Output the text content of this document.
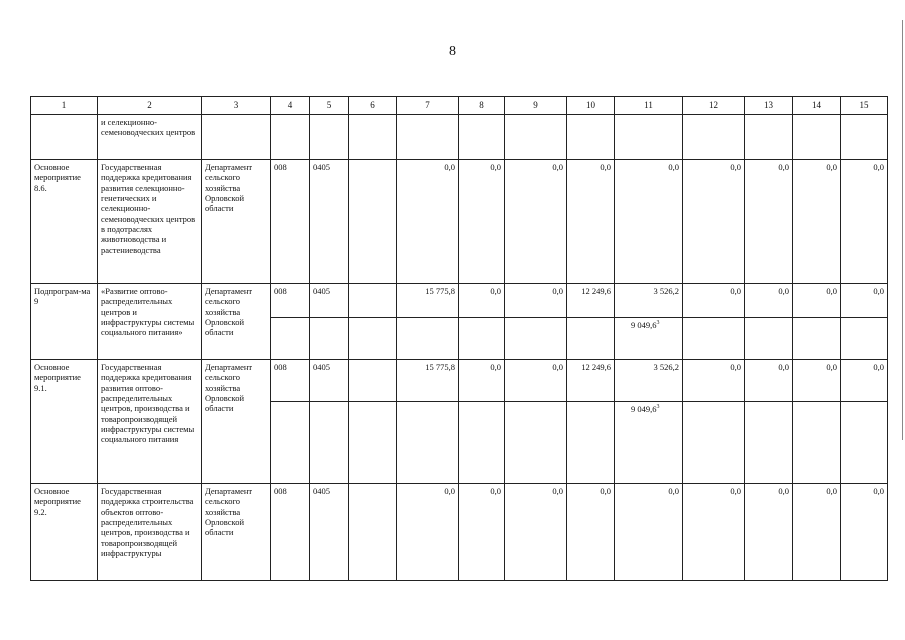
8
1	2	3	4	5	6	7	8	9	10	11	12	13	14	15
	и селекционно-семеноводческих центров													
Основное мероприятие 8.6.	Государственная поддержка кредитования развития селекционно-генетических и селекционно-семеноводческих центров в подотраслях животноводства и растениеводства	Департамент сельского хозяйства Орловской области	008	0405		0,0	0,0	0,0	0,0	0,0	0,0	0,0	0,0	0,0
Подпрограм-ма 9	«Развитие оптово-распределительных центров и инфраструктуры системы социального питания»	Департамент сельского хозяйства Орловской области	008	0405		15 775,8	0,0	0,0	12 249,6	3 526,2	0,0	0,0	0,0	0,0
										9 049,6$^3$				
Основное мероприятие 9.1.	Государственная поддержка кредитования развития оптово-распределительных центров, производства и товаропроизводящей инфраструктуры системы социального питания	Департамент сельского хозяйства Орловской области	008	0405		15 775,8	0,0	0,0	12 249,6	3 526,2	0,0	0,0	0,0	0,0
										9 049,6$^3$				
Основное мероприятие 9.2.	Государственная поддержка строительства объектов оптово-распределительных центров, производства и товаропроизводящей инфраструктуры	Департамент сельского хозяйства Орловской области	008	0405		0,0	0,0	0,0	0,0	0,0	0,0	0,0	0,0	0,0
